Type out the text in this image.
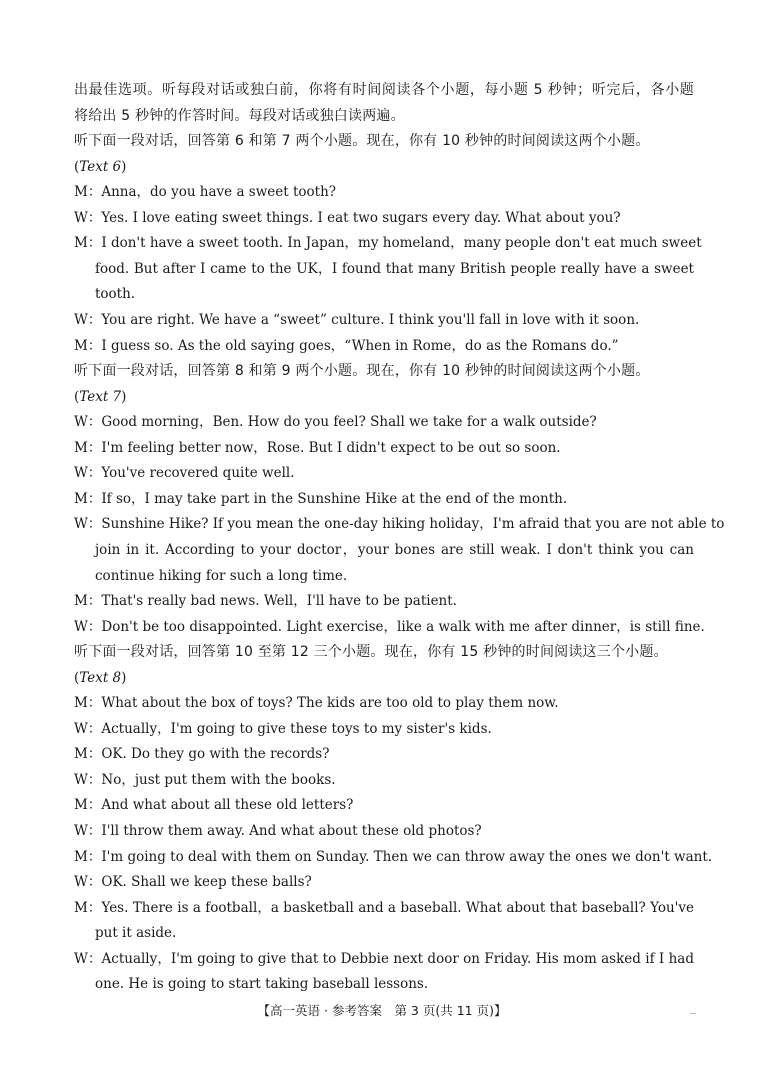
出最佳选项。听每段对话或独白前，你将有时间阅读各个小题，每小题 5 秒钟；听完后，各小题
将给出 5 秒钟的作答时间。每段对话或独白读两遍。
听下面一段对话，回答第 6 和第 7 两个小题。现在，你有 10 秒钟的时间阅读这两个小题。
(Text 6)
M：Anna，do you have a sweet tooth?
W：Yes. I love eating sweet things. I eat two sugars every day. What about you?
M：I don't have a sweet tooth. In Japan，my homeland，many people don't eat much sweet
food. But after I came to the UK，I found that many British people really have a sweet
tooth.
W：You are right. We have a “sweet” culture. I think you'll fall in love with it soon.
M：I guess so. As the old saying goes，“When in Rome，do as the Romans do.”
听下面一段对话，回答第 8 和第 9 两个小题。现在，你有 10 秒钟的时间阅读这两个小题。
(Text 7)
W：Good morning，Ben. How do you feel? Shall we take for a walk outside?
M：I'm feeling better now，Rose. But I didn't expect to be out so soon.
W：You've recovered quite well.
M：If so，I may take part in the Sunshine Hike at the end of the month.
W：Sunshine Hike? If you mean the one-day hiking holiday，I'm afraid that you are not able to
join in it. According to your doctor，your bones are still weak. I don't think you can
continue hiking for such a long time.
M：That's really bad news. Well，I'll have to be patient.
W：Don't be too disappointed. Light exercise，like a walk with me after dinner，is still fine.
听下面一段对话，回答第 10 至第 12 三个小题。现在，你有 15 秒钟的时间阅读这三个小题。
(Text 8)
M：What about the box of toys? The kids are too old to play them now.
W：Actually，I'm going to give these toys to my sister's kids.
M：OK. Do they go with the records?
W：No，just put them with the books.
M：And what about all these old letters?
W：I'll throw them away. And what about these old photos?
M：I'm going to deal with them on Sunday. Then we can throw away the ones we don't want.
W：OK. Shall we keep these balls?
M：Yes. There is a football，a basketball and a baseball. What about that baseball? You've
put it aside.
W：Actually，I'm going to give that to Debbie next door on Friday. His mom asked if I had
one. He is going to start taking baseball lessons.
【高一英语 · 参考答案　第 3 页(共 11 页)】
